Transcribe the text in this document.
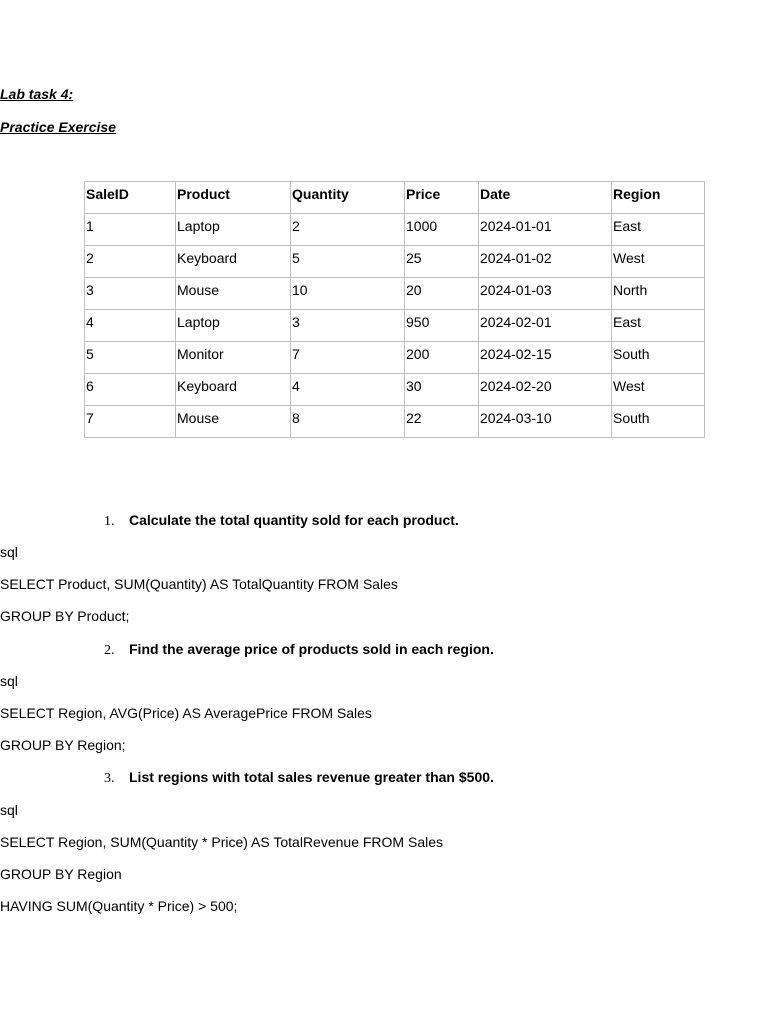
Lab task 4:
Practice Exercise
SaleID	Product	Quantity	Price	Date	Region
1	Laptop	2	1000	2024-01-01	East
2	Keyboard	5	25	2024-01-02	West
3	Mouse	10	20	2024-01-03	North
4	Laptop	3	950	2024-02-01	East
5	Monitor	7	200	2024-02-15	South
6	Keyboard	4	30	2024-02-20	West
7	Mouse	8	22	2024-03-10	South
1. Calculate the total quantity sold for each product.
sql
SELECT Product, SUM(Quantity) AS TotalQuantity FROM Sales
GROUP BY Product;
2. Find the average price of products sold in each region.
sql
SELECT Region, AVG(Price) AS AveragePrice FROM Sales
GROUP BY Region;
3. List regions with total sales revenue greater than $500.
sql
SELECT Region, SUM(Quantity * Price) AS TotalRevenue FROM Sales
GROUP BY Region
HAVING SUM(Quantity * Price) > 500;
